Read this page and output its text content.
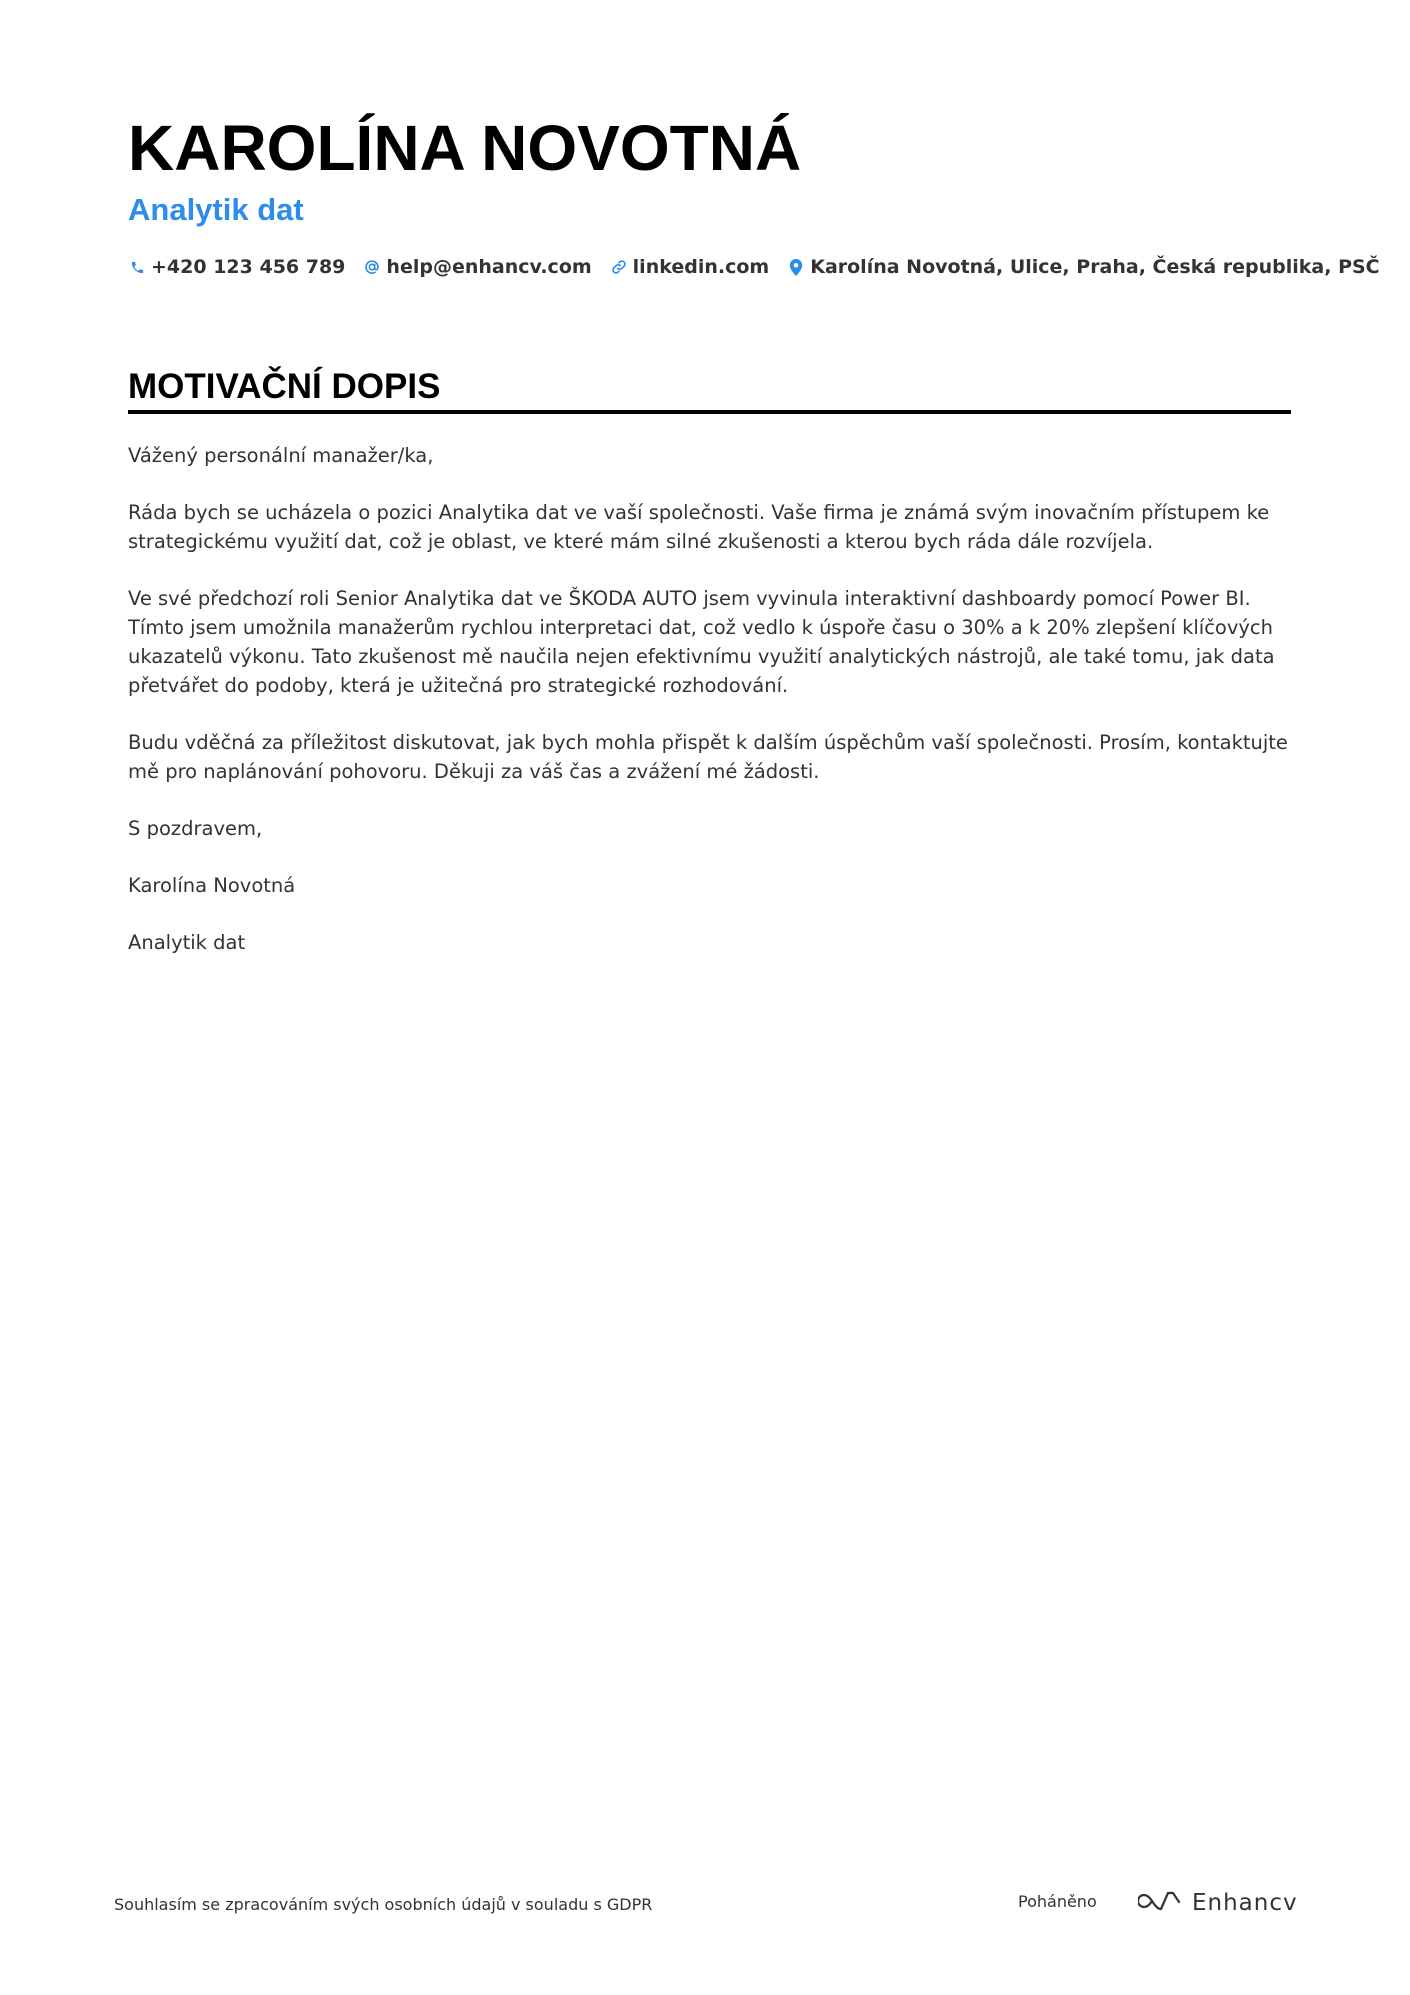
KAROLÍNA NOVOTNÁ
Analytik dat
+420 123 456 789 help@enhancv.com linkedin.com Karolína Novotná, Ulice, Praha, Česká republika, PSČ
MOTIVAČNÍ DOPIS

Vážený personální manažer/ka,

Ráda bych se ucházela o pozici Analytika dat ve vaší společnosti. Vaše firma je známá svým inovačním přístupem ke strategickému využití dat, což je oblast, ve které mám silné zkušenosti a kterou bych ráda dále rozvíjela.

Ve své předchozí roli Senior Analytika dat ve ŠKODA AUTO jsem vyvinula interaktivní dashboardy pomocí Power BI. Tímto jsem umožnila manažerům rychlou interpretaci dat, což vedlo k úspoře času o 30% a k 20% zlepšení klíčových ukazatelů výkonu. Tato zkušenost mě naučila nejen efektivnímu využití analytických nástrojů, ale také tomu, jak data přetvářet do podoby, která je užitečná pro strategické rozhodování.

Budu vděčná za příležitost diskutovat, jak bych mohla přispět k dalším úspěchům vaší společnosti. Prosím, kontaktujte mě pro naplánování pohovoru. Děkuji za váš čas a zvážení mé žádosti.

S pozdravem,

Karolína Novotná

Analytik dat

Souhlasím se zpracováním svých osobních údajů v souladu s GDPR	Poháněno	Enhancv
